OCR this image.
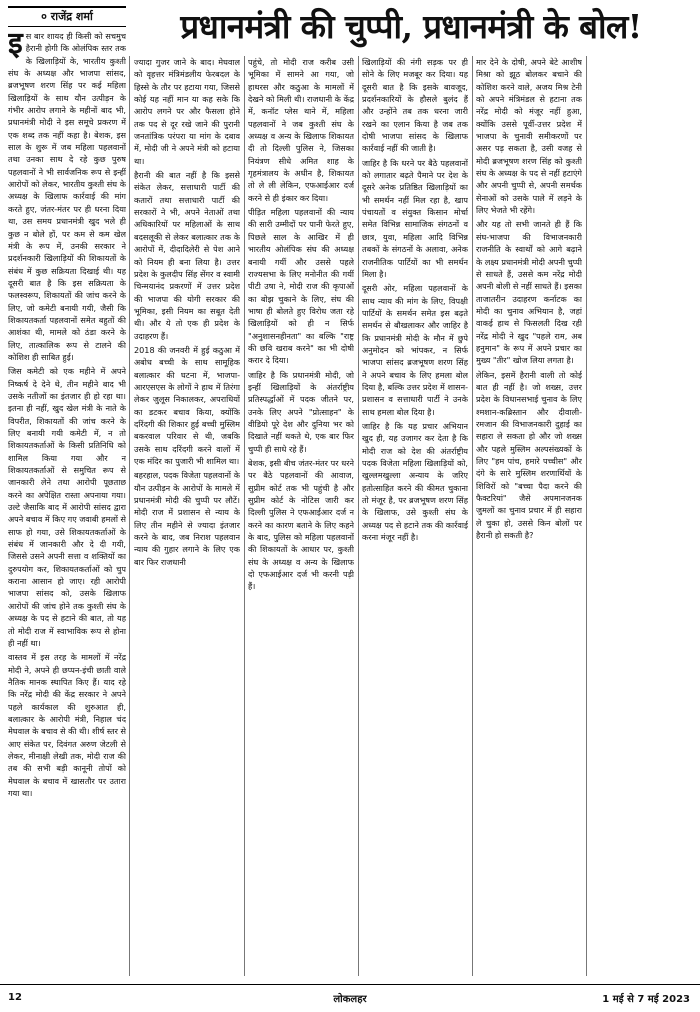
० राजेंद्र शर्मा	प्रधानमंत्री की चुप्पी, प्रधानमंत्री के बोल!

इस बार शायद ही किसी को सचमुच हैरानी होगी कि ओलंपिक स्तर तक के खिलाड़ियों के, भारतीय कुश्ती संघ के अध्यक्ष और भाजपा सांसद, ब्रजभूषण शरण सिंह पर कई महिला खिलाड़ियों के साथ यौन उत्पीड़न के गंभीर आरोप लगाने के महीनों बाद भी, प्रधानमंत्री मोदी ने इस समूचे प्रकरण में एक शब्द तक नहीं कहा है। बेशक, इस साल के शुरू में जब महिला पहलवानों तथा उनका साथ दे रहे कुछ पुरुष पहलवानों ने भी सार्वजनिक रूप से इन्हीं आरोपों को लेकर, भारतीय कुश्ती संघ के अध्यक्ष के खिलाफ कार्रवाई की मांग करते हुए, जंतर-मंतर पर ही धरना दिया था, उस समय प्रधानमंत्री खुद भले ही कुछ न बोले हों, पर कम से कम खेल मंत्री के रूप में, उनकी सरकार ने प्रदर्शनकारी खिलाड़ियों की शिकायतों के संबंध में कुछ सक्रियता दिखाई थी। यह दूसरी बात है कि इस सक्रियता के फलस्वरूप, शिकायतों की जांच करने के लिए, जो कमेटी बनायी गयी, जैसी कि शिकायतकर्ता पहलवानों समेत बहुतों की आशंका थी, मामले को ठंडा करने के लिए, तात्कालिक रूप से टालने की कोशिश ही साबित हुई।

जिस कमेटी को एक महीने में अपने निष्कर्ष दे देने थे, तीन महीने बाद भी उसके नतीजों का इंतजार ही हो रहा था। इतना ही नहीं, खुद खेल मंत्री के नाते के विपरीत, शिकायतों की जांच करने के लिए बनायी गयी कमेटी में, न तो शिकायतकर्ताओं के किसी प्रतिनिधि को शामिल किया गया और न शिकायतकर्ताओं से समुचित रूप से जानकारी लेने तथा आरोपी पूछताछ करने का अपेक्षित रास्ता अपनाया गया। उल्टे जैसाकि बाद में आरोपी सांसद द्वारा अपने बचाव में किए गए जवाबी हमलों से साफ हो गया, उसे शिकायतकर्ताओं के संबंध में जानकारी और दे दी गयी, जिससे उसने अपनी सत्ता व शक्तियों का दुरुपयोग कर, शिकायतकर्ताओं को चुप कराना आसान हो जाए। रही आरोपी भाजपा सांसद को, उसके खिलाफ आरोपों की जांच होने तक कुश्ती संघ के अध्यक्ष के पद से हटाने की बात, तो यह तो मोदी राज में स्वाभाविक रूप से होना ही नहीं था।

वास्तव में इस तरह के मामलों में नरेंद्र मोदी ने, अपने ही छप्पन-इंची छाती वाले नैतिक मानक स्थापित किए हैं। याद रहे कि नरेंद्र मोदी की केंद्र सरकार ने अपने पहले कार्यकाल की शुरुआत ही, बलात्कार के आरोपी मंत्री, निहाल चंद मेघवाल के बचाव से की थी। शीर्ष स्तर से आए संकेत पर, दिवंगत अरुण जेटली से लेकर, मीनाक्षी लेखी तक, मोदी राज की तब की सभी बड़ी कानूनी तोपों को मेघवाल के बचाव में खासतौर पर उतारा गया था।

ज्यादा गुजर जाने के बाद। मेघवाल को वृहत्तर मंत्रिमंडलीय फेरबदल के हिस्से के तौर पर हटाया गया, जिससे कोई यह नहीं मान या कह सके कि आरोप लगने पर और फैसला होने तक पद से दूर रखे जाने की पुरानी जनतांत्रिक परंपरा या मांग के दबाव में, मोदी जी ने अपने मंत्री को हटाया था।

हैरानी की बात नहीं है कि इससे संकेत लेकर, सत्ताधारी पार्टी की कतारों तथा सत्ताधारी पार्टी की सरकारों ने भी, अपने नेताओं तथा अधिकारियों पर महिलाओं के साथ बदसलूकी से लेकर बलात्कार तक के आरोपों में, दीदादिलेरी से पेश आने को नियम ही बना लिया है। उत्तर प्रदेश के कुलदीप सिंह सेंगर व स्वामी चिन्मयानंद प्रकरणों में उत्तर प्रदेश की भाजपा की योगी सरकार की भूमिका, इसी नियम का सबूत देती थी। और ये तो एक ही प्रदेश के उदाहरण हैं।

2018 की जनवरी में हुई कठुआ में अबोध बच्ची के साथ सामूहिक बलात्कार की घटना में, भाजपा-आरएसएस के लोगों ने हाथ में तिरंगा लेकर जुलूस निकालकर, अपराधियों का डटकर बचाव किया, क्योंकि दरिंदगी की शिकार हुई बच्ची मुस्लिम बकरवाल परिवार से थी, जबकि उसके साथ दरिंदगी करने वालों में एक मंदिर का पुजारी भी शामिल था।

बहरहाल, पदक विजेता पहलवानों के यौन उत्पीड़न के आरोपों के मामले में प्रधानमंत्री मोदी की चुप्पी पर लौटें। मोदी राज में प्रशासन से न्याय के लिए तीन महीने से ज्यादा इंतजार करने के बाद, जब निराश पहलवान न्याय की गुहार लगाने के लिए एक बार फिर राजधानी

पहुंचे, तो मोदी राज करीब उसी भूमिका में सामने आ गया, जो हाथरस और कठुआ के मामलों में देखने को मिली थी। राजधानी के केंद्र में, कनॉट प्लेस थाने में, महिला पहलवानों ने जब कुश्ती संघ के अध्यक्ष व अन्य के खिलाफ शिकायत दी तो दिल्ली पुलिस ने, जिसका नियंत्रण सीधे अमित शाह के गृहमंत्रालय के अधीन है, शिकायत तो ले ली लेकिन, एफआईआर दर्ज करने से ही इंकार कर दिया।

पीड़ित महिला पहलवानों की न्याय की सारी उम्मीदों पर पानी फेरते हुए, पिछले साल के आखिर में ही भारतीय ओलंपिक संघ की अध्यक्ष बनायी गयीं और उससे पहले राज्यसभा के लिए मनोनीत की गयीं पीटी उषा ने, मोदी राज की कृपाओं का बोझ चुकाने के लिए, संघ की भाषा ही बोलते हुए विरोध जता रहे खिलाड़ियों को ही न सिर्फ "अनुशासनहीनता" का बल्कि "राष्ट्र की छवि खराब करने" का भी दोषी करार दे दिया।

जाहिर है कि प्रधानमंत्री मोदी, जो इन्हीं खिलाड़ियों के अंतर्राष्ट्रीय प्रतिस्पर्द्धाओं में पदक जीतने पर, उनके लिए अपने "प्रोत्साहन" के वीडियो पूरे देश और दुनिया भर को दिखाते नहीं थकते थे, एक बार फिर चुप्पी ही साधे रहे हैं।

बेशक, इसी बीच जंतर-मंतर पर धरने पर बैठे पहलवानों की आवाज, सुप्रीम कोर्ट तक भी पहुंची है और सुप्रीम कोर्ट के नोटिस जारी कर दिल्ली पुलिस ने एफआईआर दर्ज न करने का कारण बताने के लिए कहने के बाद, पुलिस को महिला पहलवानों की शिकायतों के आधार पर, कुश्ती संघ के अध्यक्ष व अन्य के खिलाफ दो एफआईआर दर्ज भी करनी पड़ी हैं।

खिलाड़ियों की नंगी सड़क पर ही सोने के लिए मजबूर कर दिया। यह दूसरी बात है कि इसके बावजूद, प्रदर्शनकारियों के हौसले बुलंद हैं और उन्होंने तब तक धरना जारी रखने का एलान किया है जब तक दोषी भाजपा सांसद के खिलाफ कार्रवाई नहीं की जाती है।

जाहिर है कि धरने पर बैठे पहलवानों को लगातार बढ़ते पैमाने पर देश के दूसरे अनेक प्रतिष्ठित खिलाड़ियों का भी समर्थन नहीं मिल रहा है, खाप पंचायतों व संयुक्त किसान मोर्चा समेत विभिन्न सामाजिक संगठनों व छात्र, युवा, महिला आदि विभिन्न तबकों के संगठनों के अलावा, अनेक राजनीतिक पार्टियों का भी समर्थन मिला है।

दूसरी ओर, महिला पहलवानों के साथ न्याय की मांग के लिए, विपक्षी पार्टियों के समर्थन समेत इस बढ़ते समर्थन से बौखलाकर और जाहिर है कि प्रधानमंत्री मोदी के मौन में छुपे अनुमोदन को भांपकर, न सिर्फ भाजपा सांसद ब्रजभूषण शरण सिंह ने अपने बचाव के लिए हमला बोल दिया है, बल्कि उत्तर प्रदेश में शासन-प्रशासन व सत्ताधारी पार्टी ने उनके साथ हमला बोल दिया है।

जाहिर है कि यह प्रचार अभियान खुद ही, यह उजागर कर देता है कि मोदी राज को देश की अंतर्राष्ट्रीय पदक विजेता महिला खिलाड़ियों को, खुल्लमखुल्ला अन्याय के जरिए हतोत्साहित करने की कीमत चुकाना तो मंजूर है, पर ब्रजभूषण शरण सिंह के खिलाफ, उसे कुश्ती संघ के अध्यक्ष पद से हटाने तक की कार्रवाई करना मंजूर नहीं है।

मार देने के दोषी, अपने बेटे आशीष मिश्रा को झूठ बोलकर बचाने की कोशिश करने वाले, अजय मिश्र टेनी को अपने मंत्रिमंडल से हटाना तक नरेंद्र मोदी को मंजूर नहीं हुआ, क्योंकि उससे पूर्वी-उत्तर प्रदेश में भाजपा के चुनावी समीकरणों पर असर पड़ सकता है, उसी वजह से मोदी ब्रजभूषण शरण सिंह को कुश्ती संघ के अध्यक्ष के पद से नहीं हटाएंगे और अपनी चुप्पी से, अपनी समर्थक सेनाओं को उसके पाले में लड़ने के लिए भेजते भी रहेंगे।

और यह तो सभी जानते ही हैं कि संघ-भाजपा की विभाजनकारी राजनीति के स्वार्थों को आगे बढ़ाने के लक्ष्य प्रधानमंत्री मोदी अपनी चुप्पी से साधते हैं, उससे कम नरेंद्र मोदी अपनी बोली से नहीं साधते हैं। इसका ताजातरीन उदाहरण कर्नाटक का मोदी का चुनाव अभियान है, जहां वाकई हाथ से फिसलती दिख रही नरेंद्र मोदी ने खुद "पहले राम, अब हनुमान" के रूप में अपने प्रचार का मुख्य "तीर" खोज लिया लगता है।

लेकिन, इसमें हैरानी वाली तो कोई बात ही नहीं है। जो शख्स, उत्तर प्रदेश के विधानसभाई चुनाव के लिए श्मशान-कब्रिस्तान और दीवाली-रमजान की विभाजनकारी दुहाई का सहारा ले सकता हो और जो शख्स और पहले मुस्लिम अल्पसंख्यकों के लिए "हम पांच, हमारे पच्चीस" और दंगे के सारे मुस्लिम शरणार्थियों के शिविरों को "बच्चा पैदा करने की फैक्टरियां" जैसे अपमानजनक जुमलों का चुनाव प्रचार में ही सहारा ले चुका हो, उससे किन बोलों पर हैरानी हो सकती है?

12	लोकलहर	1 मई से 7 मई 2023
